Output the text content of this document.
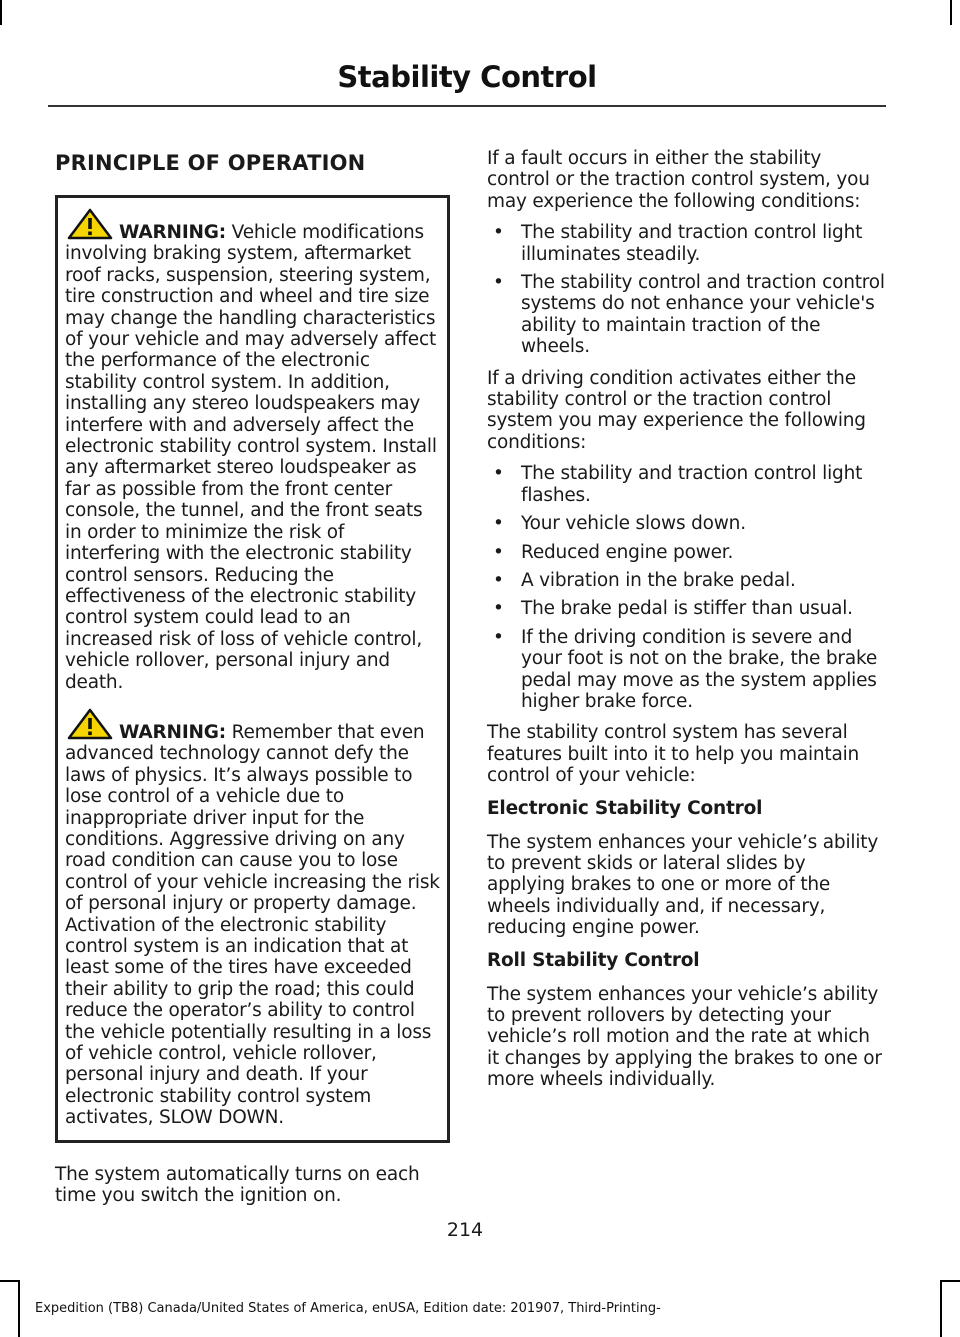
Stability Control
PRINCIPLE OF OPERATION

WARNING: Vehicle modifications involving braking system, aftermarket roof racks, suspension, steering system, tire construction and wheel and tire size may change the handling characteristics of your vehicle and may adversely affect the performance of the electronic stability control system. In addition, installing any stereo loudspeakers may interfere with and adversely affect the electronic stability control system. Install any aftermarket stereo loudspeaker as far as possible from the front center console, the tunnel, and the front seats in order to minimize the risk of interfering with the electronic stability control sensors. Reducing the effectiveness of the electronic stability control system could lead to an increased risk of loss of vehicle control, vehicle rollover, personal injury and death.

WARNING: Remember that even advanced technology cannot defy the laws of physics. It’s always possible to lose control of a vehicle due to inappropriate driver input for the conditions. Aggressive driving on any road condition can cause you to lose control of your vehicle increasing the risk of personal injury or property damage. Activation of the electronic stability control system is an indication that at least some of the tires have exceeded their ability to grip the road; this could reduce the operator’s ability to control the vehicle potentially resulting in a loss of vehicle control, vehicle rollover, personal injury and death. If your electronic stability control system activates, SLOW DOWN.

The system automatically turns on each time you switch the ignition on.

If a fault occurs in either the stability control or the traction control system, you may experience the following conditions:

• The stability and traction control light illuminates steadily.
• The stability control and traction control systems do not enhance your vehicle's ability to maintain traction of the wheels.

If a driving condition activates either the stability control or the traction control system you may experience the following conditions:

• The stability and traction control light flashes.
• Your vehicle slows down.
• Reduced engine power.
• A vibration in the brake pedal.
• The brake pedal is stiffer than usual.
• If the driving condition is severe and your foot is not on the brake, the brake pedal may move as the system applies higher brake force.

The stability control system has several features built into it to help you maintain control of your vehicle:

Electronic Stability Control

The system enhances your vehicle’s ability to prevent skids or lateral slides by applying brakes to one or more of the wheels individually and, if necessary, reducing engine power.

Roll Stability Control

The system enhances your vehicle’s ability to prevent rollovers by detecting your vehicle’s roll motion and the rate at which it changes by applying the brakes to one or more wheels individually.

214
Expedition (TB8) Canada/United States of America, enUSA, Edition date: 201907, Third-Printing-
